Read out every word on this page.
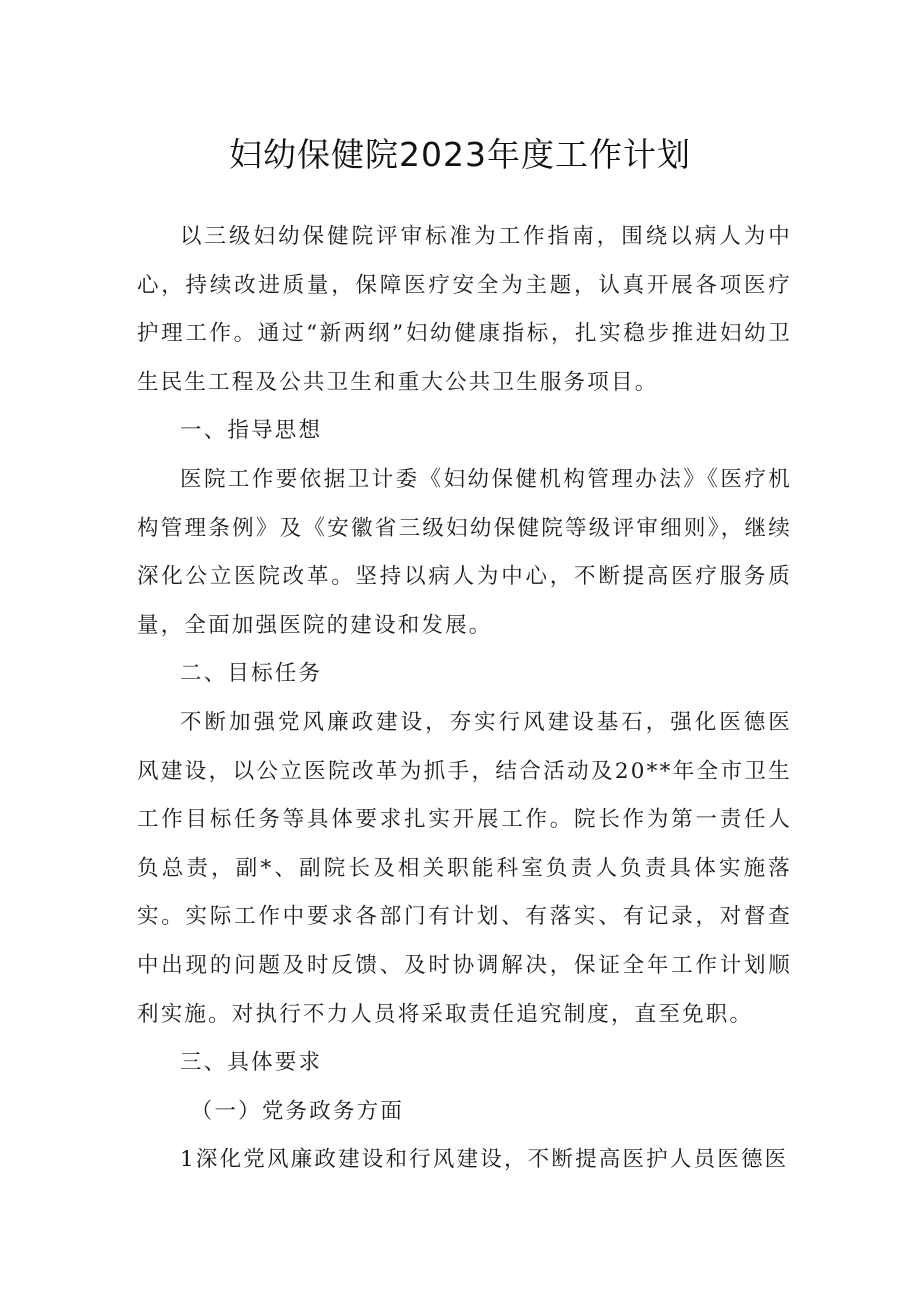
妇幼保健院2023年度工作计划

以三级妇幼保健院评审标准为工作指南，围绕以病人为中心，持续改进质量，保障医疗安全为主题，认真开展各项医疗护理工作。通过“新两纲”妇幼健康指标，扎实稳步推进妇幼卫生民生工程及公共卫生和重大公共卫生服务项目。

一、指导思想

医院工作要依据卫计委《妇幼保健机构管理办法》《医疗机构管理条例》及《安徽省三级妇幼保健院等级评审细则》，继续深化公立医院改革。坚持以病人为中心，不断提高医疗服务质量，全面加强医院的建设和发展。

二、目标任务

不断加强党风廉政建设，夯实行风建设基石，强化医德医风建设，以公立医院改革为抓手，结合活动及20**年全市卫生工作目标任务等具体要求扎实开展工作。院长作为第一责任人负总责，副*、副院长及相关职能科室负责人负责具体实施落实。实际工作中要求各部门有计划、有落实、有记录，对督查中出现的问题及时反馈、及时协调解决，保证全年工作计划顺利实施。对执行不力人员将采取责任追究制度，直至免职。

三、具体要求

（一）党务政务方面

1深化党风廉政建设和行风建设，不断提高医护人员医德医
